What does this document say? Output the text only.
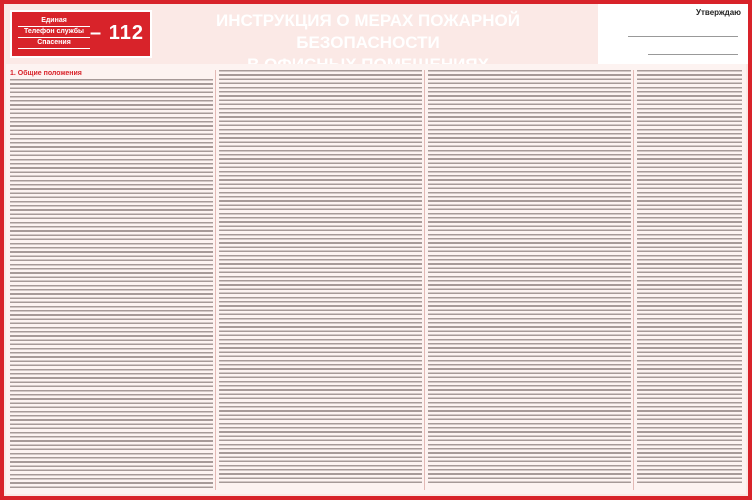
Единая
Телефон службы
Спасения – 112
ИНСТРУКЦИЯ О МЕРАХ ПОЖАРНОЙ БЕЗОПАСНОСТИ
Утверждаю
1. Общие положения
